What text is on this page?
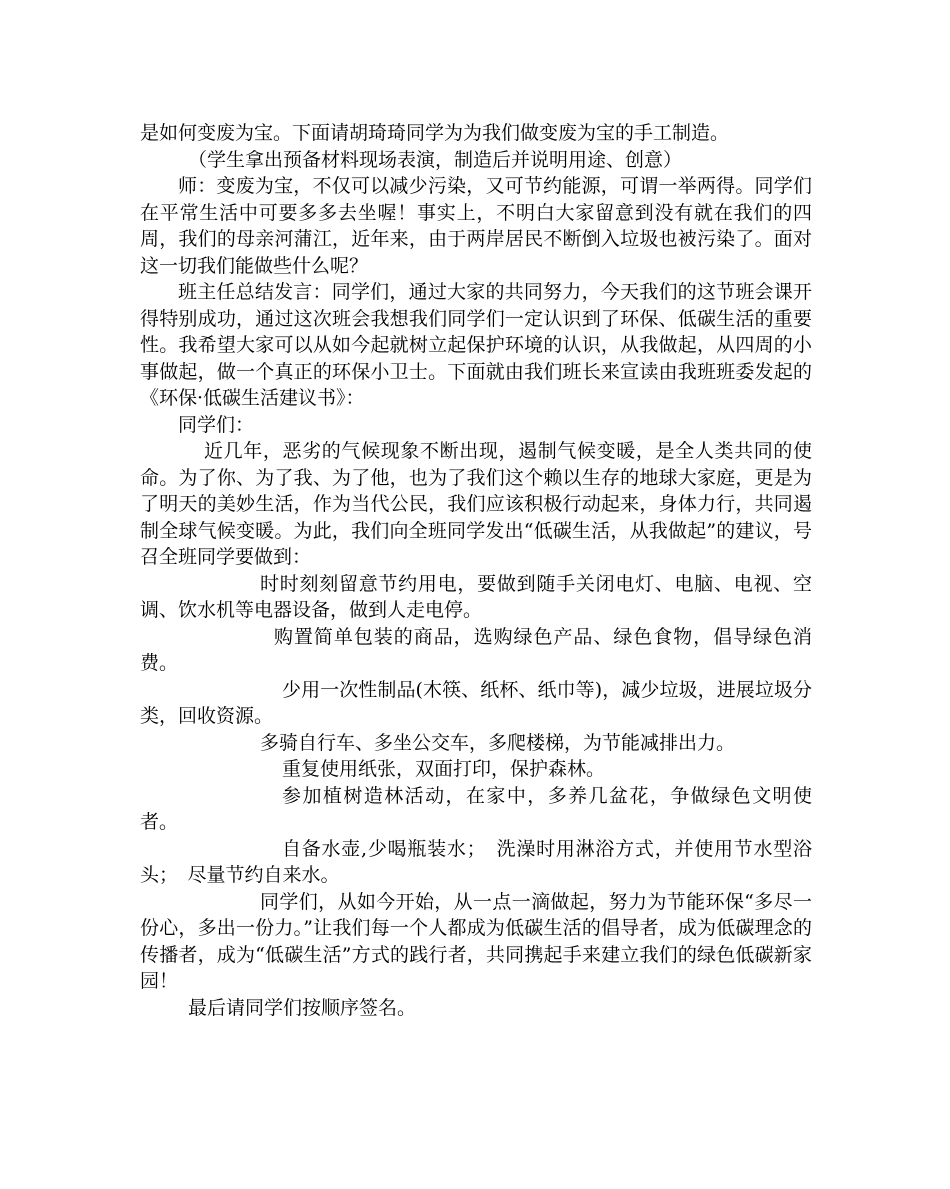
是如何变废为宝。下面请胡琦琦同学为为我们做变废为宝的手工制造。

（学生拿出预备材料现场表演，制造后并说明用途、创意）

师：变废为宝，不仅可以减少污染，又可节约能源，可谓一举两得。同学们在平常生活中可要多多去坐喔！事实上，不明白大家留意到没有就在我们的四周，我们的母亲河蒲江，近年来，由于两岸居民不断倒入垃圾也被污染了。面对这一切我们能做些什么呢？

班主任总结发言：同学们，通过大家的共同努力，今天我们的这节班会课开得特别成功，通过这次班会我想我们同学们一定认识到了环保、低碳生活的重要性。我希望大家可以从如今起就树立起保护环境的认识，从我做起，从四周的小事做起，做一个真正的环保小卫士。下面就由我们班长来宣读由我班班委发起的《环保·低碳生活建议书》：

同学们：

近几年，恶劣的气候现象不断出现，遏制气候变暖，是全人类共同的使命。为了你、为了我、为了他，也为了我们这个赖以生存的地球大家庭，更是为了明天的美妙生活，作为当代公民，我们应该积极行动起来，身体力行，共同遏制全球气候变暖。为此，我们向全班同学发出“低碳生活，从我做起”的建议，号召全班同学要做到：

时时刻刻留意节约用电，要做到随手关闭电灯、电脑、电视、空调、饮水机等电器设备，做到人走电停。

购置简单包装的商品，选购绿色产品、绿色食物，倡导绿色消费。

少用一次性制品(木筷、纸杯、纸巾等)，减少垃圾，进展垃圾分类，回收资源。

多骑自行车、多坐公交车，多爬楼梯，为节能减排出力。

重复使用纸张，双面打印，保护森林。

参加植树造林活动，在家中，多养几盆花，争做绿色文明使者。

自备水壶,少喝瓶装水；　洗澡时用淋浴方式，并使用节水型浴头；　尽量节约自来水。

同学们，从如今开始，从一点一滴做起，努力为节能环保“多尽一份心，多出一份力。”让我们每一个人都成为低碳生活的倡导者，成为低碳理念的传播者，成为“低碳生活”方式的践行者，共同携起手来建立我们的绿色低碳新家园！

最后请同学们按顺序签名。
